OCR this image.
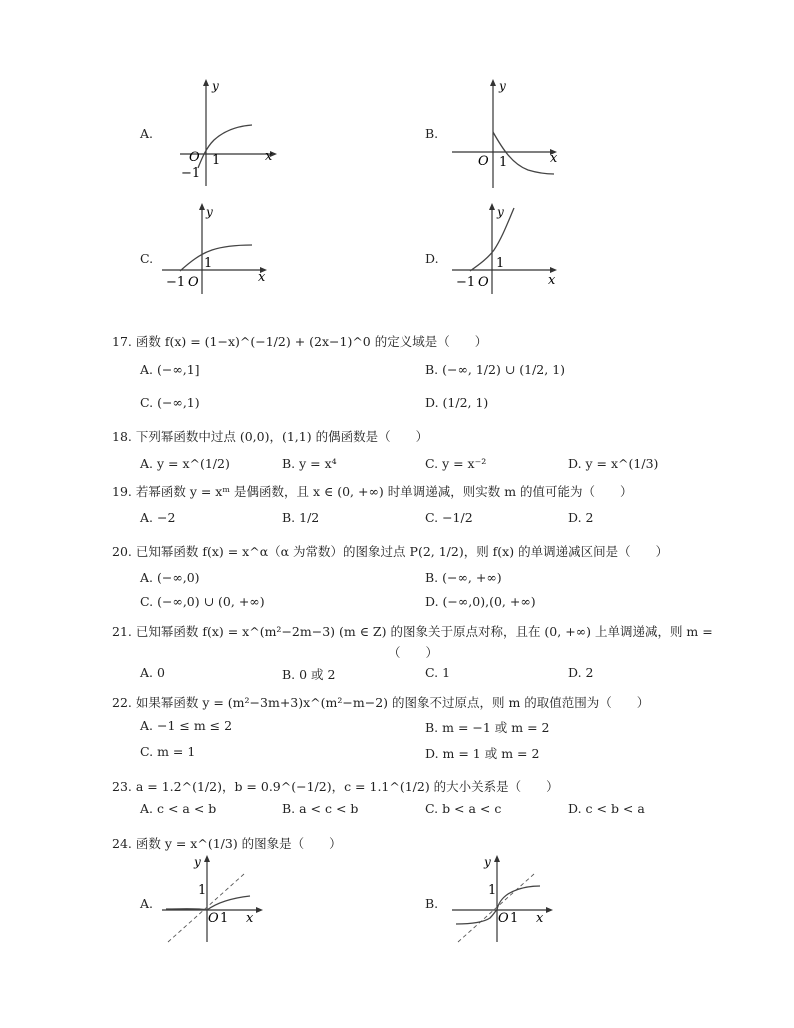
A.
y
x
O 1
−1
B.
y
x
O 1
C.
y
x
O
1
−1
D.
y
x
O
1
−1
17. 函数 f(x) = (1−x)^(−1/2) + (2x−1)^0 的定义域是（　　）
A. (−∞,1]	B. (−∞, 1/2) ∪ (1/2, 1)
C. (−∞,1)	D. (1/2, 1)
18. 下列幂函数中过点 (0,0)，(1,1) 的偶函数是（　　）
A. y = x^(1/2)	B. y = x⁴	C. y = x⁻²	D. y = x^(1/3)
19. 若幂函数 y = xᵐ 是偶函数，且 x ∈ (0, +∞) 时单调递减，则实数 m 的值可能为（　　）
A. −2	B. 1/2	C. −1/2	D. 2
20. 已知幂函数 f(x) = x^α（α 为常数）的图象过点 P(2, 1/2)，则 f(x) 的单调递减区间是（　　）
A. (−∞,0)	B. (−∞, +∞)
C. (−∞,0) ∪ (0, +∞)	D. (−∞,0),(0, +∞)
21. 已知幂函数 f(x) = x^(m²−2m−3) (m ∈ Z) 的图象关于原点对称，且在 (0, +∞) 上单调递减，则 m =
（　　）
A. 0	B. 0 或 2	C. 1	D. 2
22. 如果幂函数 y = (m²−3m+3)x^(m²−m−2) 的图象不过原点，则 m 的取值范围为（　　）
A. −1 ≤ m ≤ 2	B. m = −1 或 m = 2
C. m = 1	D. m = 1 或 m = 2
23. a = 1.2^(1/2)，b = 0.9^(−1/2)，c = 1.1^(1/2) 的大小关系是（　　）
A. c < a < b	B. a < c < b	C. b < a < c	D. c < b < a
24. 函数 y = x^(1/3) 的图象是（　　）
A.
y
1
O 1 x
B.
y
1
O 1 x
